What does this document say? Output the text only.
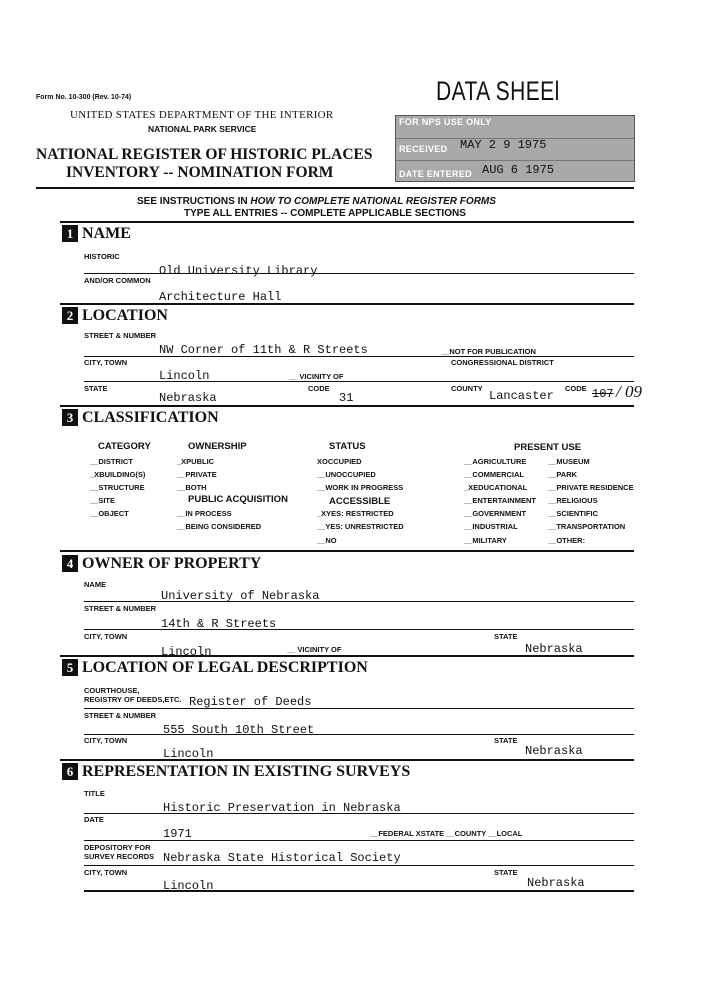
Form No. 10-300 (Rev. 10-74)
UNITED STATES DEPARTMENT OF THE INTERIOR
NATIONAL PARK SERVICE
NATIONAL REGISTER OF HISTORIC PLACES
INVENTORY -- NOMINATION FORM
DATA SHEEl
FOR NPS USE ONLY
RECEIVED MAY 2 9 1975
DATE ENTERED AUG 6 1975
SEE INSTRUCTIONS IN HOW TO COMPLETE NATIONAL REGISTER FORMS
TYPE ALL ENTRIES -- COMPLETE APPLICABLE SECTIONS
1 NAME
HISTORIC
Old University Library
AND/OR COMMON
Architecture Hall
2 LOCATION
STREET & NUMBER
NW Corner of 11th & R Streets	__NOT FOR PUBLICATION
CITY, TOWN	CONGRESSIONAL DISTRICT
Lincoln	__ VICINITY OF
STATE	CODE	COUNTY	CODE
Nebraska	31	Lancaster	107 / 09
3 CLASSIFICATION
CATEGORY
__DISTRICT
_XBUILDING(S)
__STRUCTURE
__SITE
__OBJECT
OWNERSHIP
_XPUBLIC
__PRIVATE
__BOTH
PUBLIC ACQUISITION
__IN PROCESS
__BEING CONSIDERED
STATUS
XOCCUPIED
__UNOCCUPIED
__WORK IN PROGRESS
ACCESSIBLE
_XYES: RESTRICTED
__YES: UNRESTRICTED
__NO
PRESENT USE
__AGRICULTURE
__COMMERCIAL
_XEDUCATIONAL
__ENTERTAINMENT
__GOVERNMENT
__INDUSTRIAL
__MILITARY
__MUSEUM
__PARK
__PRIVATE RESIDENCE
__RELIGIOUS
__SCIENTIFIC
__TRANSPORTATION
__OTHER:
4 OWNER OF PROPERTY
NAME
University of Nebraska
STREET & NUMBER
14th & R Streets
CITY, TOWN	STATE
Lincoln	__ VICINITY OF	Nebraska
5 LOCATION OF LEGAL DESCRIPTION
COURTHOUSE,
REGISTRY OF DEEDS,ETC. Register of Deeds
STREET & NUMBER
555 South 10th Street
CITY, TOWN	STATE
Lincoln	Nebraska
6 REPRESENTATION IN EXISTING SURVEYS
TITLE
Historic Preservation in Nebraska
DATE
1971	__FEDERAL XSTATE __COUNTY __LOCAL
DEPOSITORY FOR
SURVEY RECORDS Nebraska State Historical Society
CITY, TOWN	STATE
Lincoln	Nebraska
